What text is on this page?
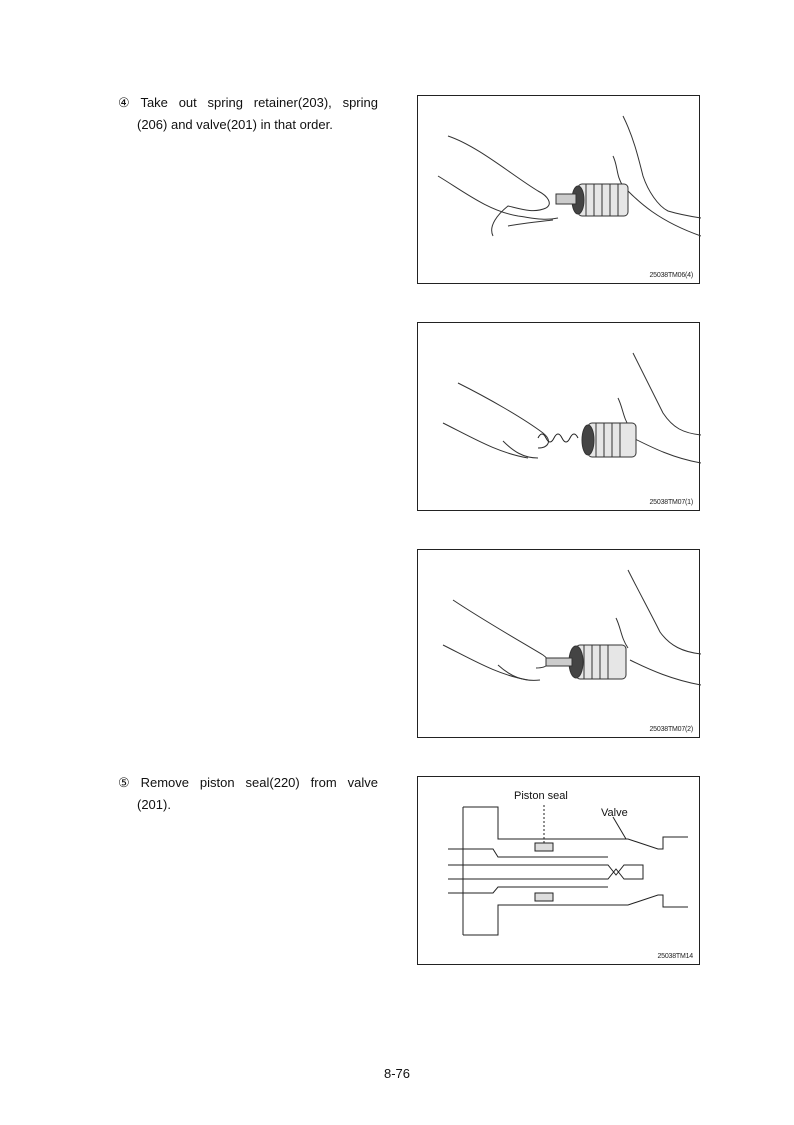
④ Take out spring retainer(203), spring
(206) and valve(201) in that order.
25038TM06(4)
25038TM07(1)
25038TM07(2)
⑤ Remove piston seal(220) from valve
(201).
Piston seal
Valve
25038TM14
8-76
